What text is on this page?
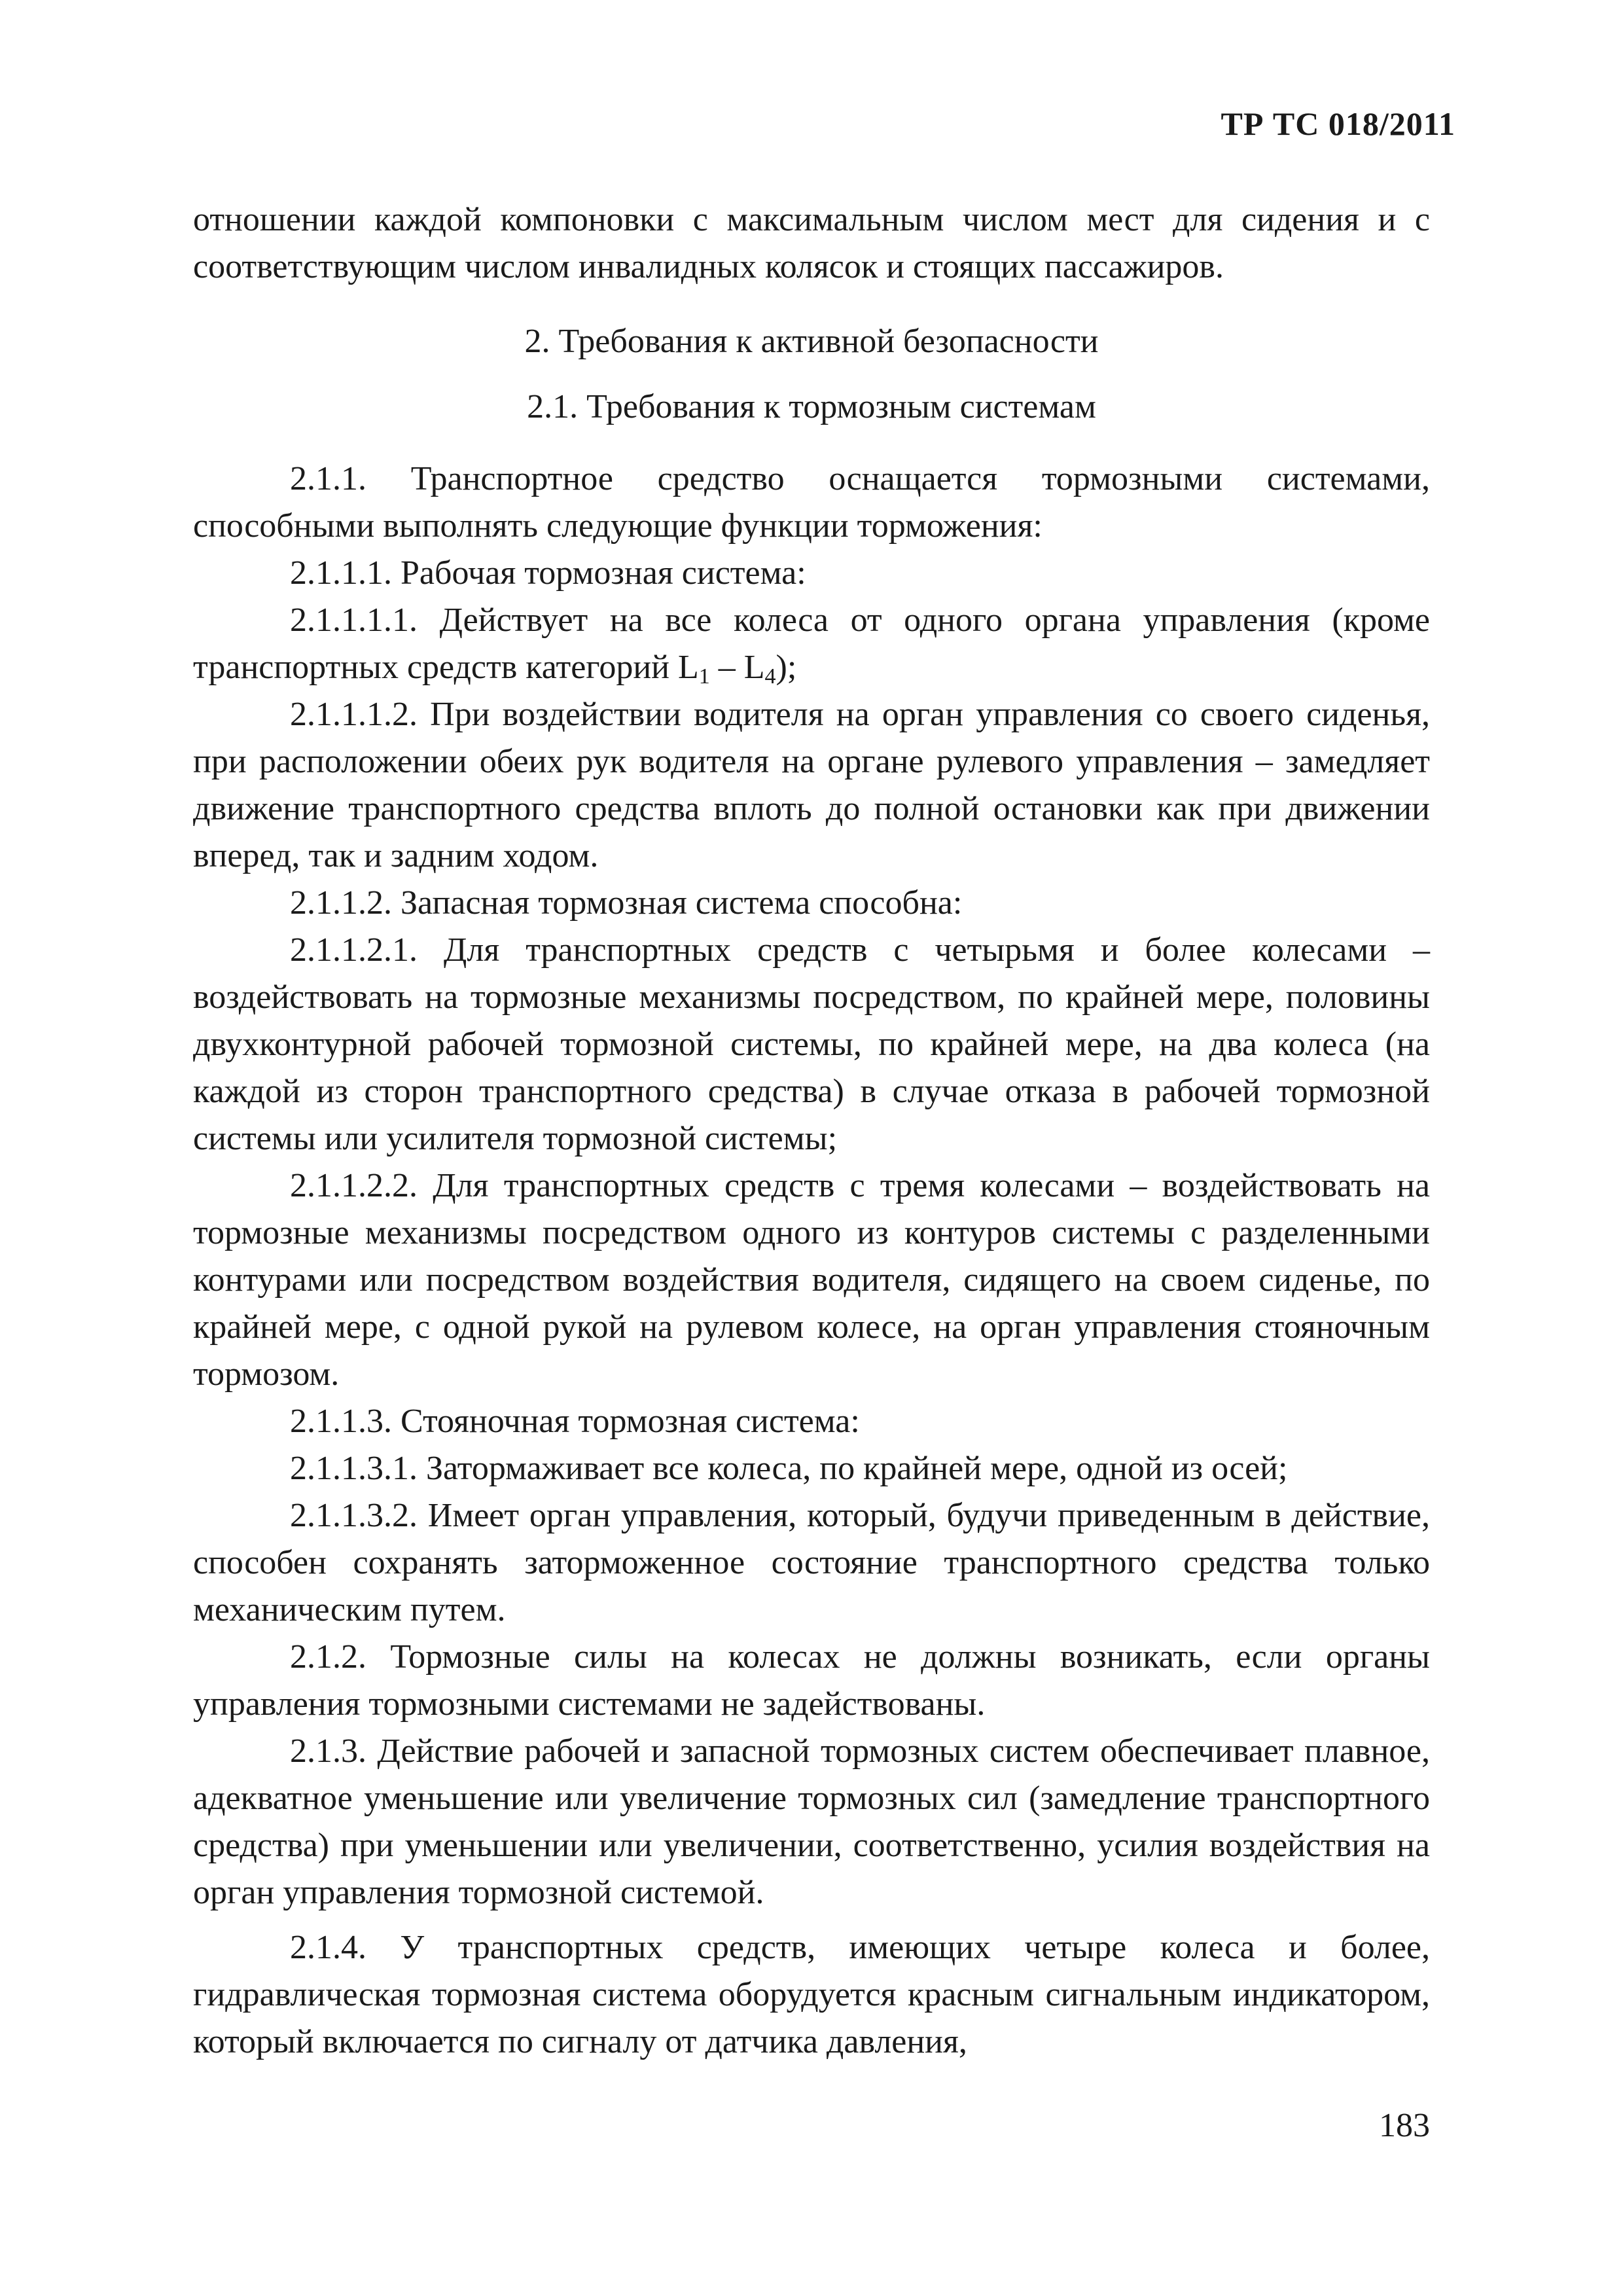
ТР ТС 018/2011

отношении каждой компоновки с максимальным числом мест для сидения и с соответствующим числом инвалидных колясок и стоящих пассажиров.

2. Требования к активной безопасности
2.1. Требования к тормозным системам

2.1.1. Транспортное средство оснащается тормозными системами, способными выполнять следующие функции торможения:

2.1.1.1. Рабочая тормозная система:

2.1.1.1.1. Действует на все колеса от одного органа управления (кроме транспортных средств категорий $L_1 - L_4$);

2.1.1.1.2. При воздействии водителя на орган управления со своего сиденья, при расположении обеих рук водителя на органе рулевого управления – замедляет движение транспортного средства вплоть до полной остановки как при движении вперед, так и задним ходом.

2.1.1.2. Запасная тормозная система способна:

2.1.1.2.1. Для транспортных средств с четырьмя и более колесами – воздействовать на тормозные механизмы посредством, по крайней мере, половины двухконтурной рабочей тормозной системы, по крайней мере, на два колеса (на каждой из сторон транспортного средства) в случае отказа в рабочей тормозной системы или усилителя тормозной системы;

2.1.1.2.2. Для транспортных средств с тремя колесами – воздействовать на тормозные механизмы посредством одного из контуров системы с разделенными контурами или посредством воздействия водителя, сидящего на своем сиденье, по крайней мере, с одной рукой на рулевом колесе, на орган управления стояночным тормозом.

2.1.1.3. Стояночная тормозная система:

2.1.1.3.1. Затормаживает все колеса, по крайней мере, одной из осей;

2.1.1.3.2. Имеет орган управления, который, будучи приведенным в действие, способен сохранять заторможенное состояние транспортного средства только механическим путем.

2.1.2. Тормозные силы на колесах не должны возникать, если органы управления тормозными системами не задействованы.

2.1.3. Действие рабочей и запасной тормозных систем обеспечивает плавное, адекватное уменьшение или увеличение тормозных сил (замедление транспортного средства) при уменьшении или увеличении, соответственно, усилия воздействия на орган управления тормозной системой.

2.1.4. У транспортных средств, имеющих четыре колеса и более, гидравлическая тормозная система оборудуется красным сигнальным индикатором, который включается по сигналу от датчика давления,

183
